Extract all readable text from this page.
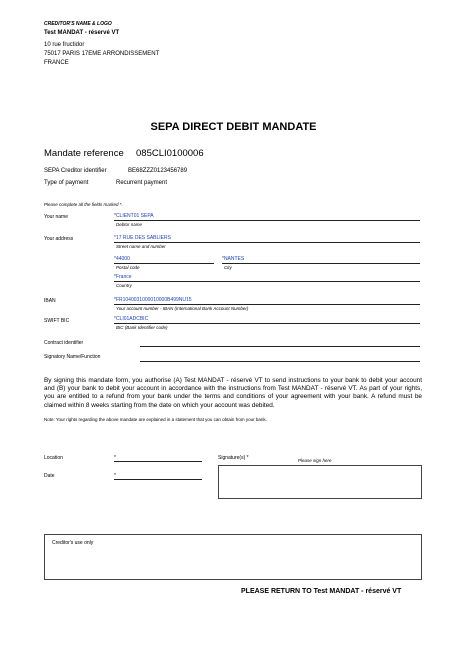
CREDITOR'S NAME & LOGO
Test MANDAT - réservé VT
10 rue fructidor
75017 PARIS 17EME ARRONDISSEMENT
FRANCE
SEPA DIRECT DEBIT MANDATE
Mandate reference 085CLI0100006
SEPA Creditor identifier	BE68ZZZ0123456789
Type of payment	Recurrent payment
Please complete all the fields marked *.
Your name	*CLIENT01 SEPA
Debtor name
Your address	*17 RUE DES SABLIERS
Street name and number
*44000
Postal code
*NANTES
City
*France
Country
IBAN	*FR1040031000010000B499NU15
Your account number - IBAN (International Bank Account Number)
SWIFT BIC	*CLI01ADCBIC
BIC (Bank Identifier code)
Contract identifier
Signatory Name/Function
By signing this mandate form, you authorise (A) Test MANDAT - réservé VT to send instructions to your bank to debit your account and (B) your bank to debit your account in accordance with the instructions from Test MANDAT - réservé VT. As part of your rights, you are entitled to a refund from your bank under the terms and conditions of your agreement with your bank. A refund must be claimed within 8 weeks starting from the date on which your account was debited.
Note: Your rights regarding the above mandate are explained in a statement that you can obtain from your bank.
Location	*
Date	*
Signature(s) *	Please sign here
Creditor's use only
PLEASE RETURN TO Test MANDAT - réservé VT
